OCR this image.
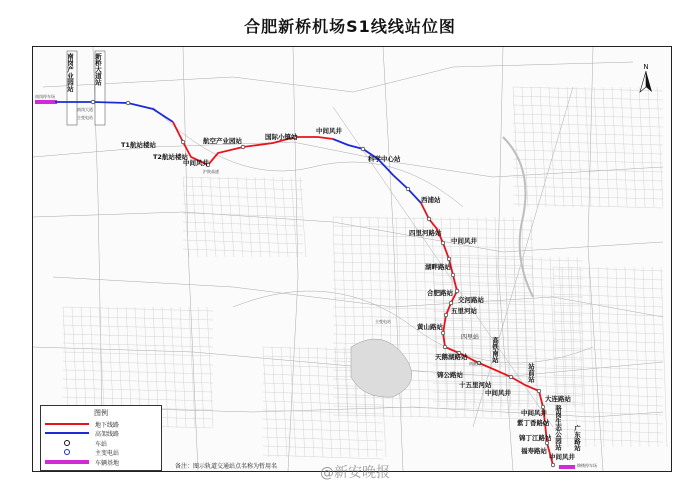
合肥新桥机场S1线线站位图
南岗产业园站	新桥大道站
T1航站楼站
T2航站楼站
中间风井
航空产业园站	国际小镇站
中间风井
科学中心站
西浦站
四里河路站
中间风井
湖畔路站
合肥路站
交河路站
五里河站
黄山路站
四里站
天鹅湖路站
锦公路站
十五里河站
中间风井
高铁南站
站前站
大连路站
中间风井
紫丁香路站
锦丁江路站
福寿路站
骆岗生态公园站 广东路站
中间风井
南岗停车场
南岗大道
主变电站
沪陕高速
南淝河
主变电站
锦绣停车场
N
图例
地下线路
高架线路
车站
主变电站
车辆基地	备注：图示轨道交通站点名称为暂用名	@新安晚报
